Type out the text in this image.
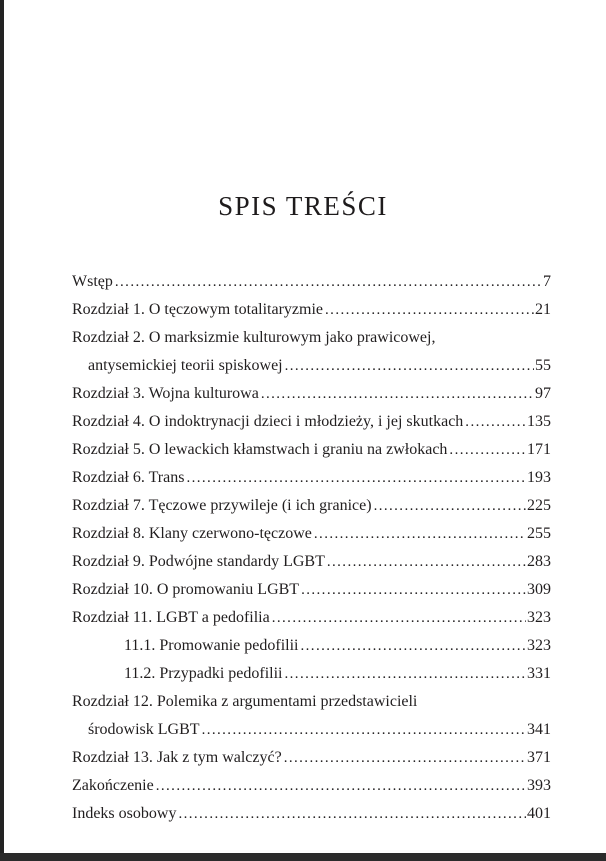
SPIS TREŚCI
Wstęp .....	7
Rozdział 1. O tęczowym totalitaryzmie .....	21
Rozdział 2. O marksizmie kulturowym jako prawicowej,
antysemickiej teorii spiskowej .....	55
Rozdział 3. Wojna kulturowa .....	97
Rozdział 4. O indoktrynacji dzieci i młodzieży, i jej skutkach .....	135
Rozdział 5. O lewackich kłamstwach i graniu na zwłokach .....	171
Rozdział 6. Trans .....	193
Rozdział 7. Tęczowe przywileje (i ich granice) .....	225
Rozdział 8. Klany czerwono-tęczowe .....	255
Rozdział 9. Podwójne standardy LGBT .....	283
Rozdział 10. O promowaniu LGBT .....	309
Rozdział 11. LGBT a pedofilia .....	323
11.1. Promowanie pedofilii .....	323
11.2. Przypadki pedofilii .....	331
Rozdział 12. Polemika z argumentami przedstawicieli
środowisk LGBT .....	341
Rozdział 13. Jak z tym walczyć? .....	371
Zakończenie .....	393
Indeks osobowy .....	401
